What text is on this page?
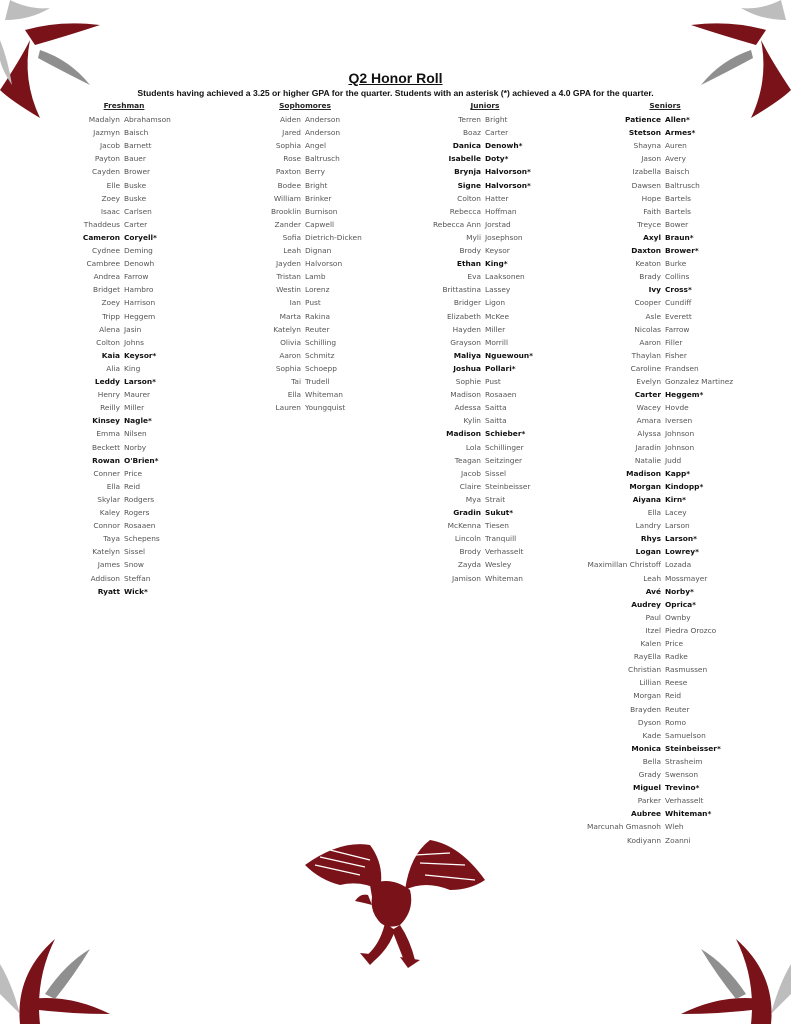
Q2 Honor Roll
Students having achieved a 3.25 or higher GPA for the quarter. Students with an asterisk (*) achieved a 4.0 GPA for the quarter.
Freshman
Madalyn Abrahamson
Jazmyn Baisch
Jacob Barnett
Payton Bauer
Cayden Brower
Elle Buske
Zoey Buske
Isaac Carlsen
Thaddeus Carter
Cameron Coryell*
Cydnee Deming
Cambree Denowh
Andrea Farrow
Bridget Hambro
Zoey Harrison
Tripp Heggem
Alena Jasin
Colton Johns
Kaia Keysor*
Alia King
Leddy Larson*
Henry Maurer
Reilly Miller
Kinsey Nagle*
Emma Nilsen
Beckett Norby
Rowan O'Brien*
Conner Price
Ella Reid
Skylar Rodgers
Kaley Rogers
Connor Rosaaen
Taya Schepens
Katelyn Sissel
James Snow
Addison Steffan
Ryatt Wick*
Sophomores
Aiden Anderson
Jared Anderson
Sophia Angel
Rose Baltrusch
Paxton Berry
Bodee Bright
William Brinker
Brooklin Burnison
Zander Capwell
Sofia Dietrich-Dicken
Leah Dignan
Jayden Halvorson
Tristan Lamb
Westin Lorenz
Ian Pust
Marta Rakina
Katelyn Reuter
Olivia Schilling
Aaron Schmitz
Sophia Schoepp
Tai Trudell
Ella Whiteman
Lauren Youngquist
Juniors
Terren Bright
Boaz Carter
Danica Denowh*
Isabelle Doty*
Brynja Halvorson*
Signe Halvorson*
Colton Hatter
Rebecca Hoffman
Rebecca Ann Jorstad
Myli Josephson
Brody Keysor
Ethan King*
Eva Laaksonen
Brittastina Lassey
Bridger Ligon
Elizabeth McKee
Hayden Miller
Grayson Morrill
Maliya Nguewoun*
Joshua Pollari*
Sophie Pust
Madison Rosaaen
Adessa Saitta
Kylin Saitta
Madison Schieber*
Lola Schillinger
Teagan Seitzinger
Jacob Sissel
Claire Steinbeisser
Mya Strait
Gradin Sukut*
McKenna Tiesen
Lincoln Tranquill
Brody Verhasselt
Zayda Wesley
Jamison Whiteman
Seniors
Patience Allen*
Stetson Armes*
Shayna Auren
Jason Avery
Izabella Baisch
Dawsen Baltrusch
Hope Bartels
Faith Bartels
Treyce Bower
Axyl Braun*
Daxton Brower*
Keaton Burke
Brady Collins
Ivy Cross*
Cooper Cundiff
Asle Everett
Nicolas Farrow
Aaron Filler
Thaylan Fisher
Caroline Frandsen
Evelyn Gonzalez Martinez
Carter Heggem*
Wacey Hovde
Amara Iversen
Alyssa Johnson
Jaradin Johnson
Natalie Judd
Madison Kapp*
Morgan Kindopp*
Aiyana Kirn*
Ella Lacey
Landry Larson
Rhys Larson*
Logan Lowrey*
Maximillan Christoff Lozada
Leah Mossmayer
Avé Norby*
Audrey Oprica*
Paul Ownby
Itzel Piedra Orozco
Kalen Price
RayElla Radke
Christian Rasmussen
Lillian Reese
Morgan Reid
Brayden Reuter
Dyson Romo
Kade Samuelson
Monica Steinbeisser*
Bella Strasheim
Grady Swenson
Miguel Trevino*
Parker Verhasselt
Aubree Whiteman*
Marcunah Gmasnoh Wleh
Kodiyann Zoanni
